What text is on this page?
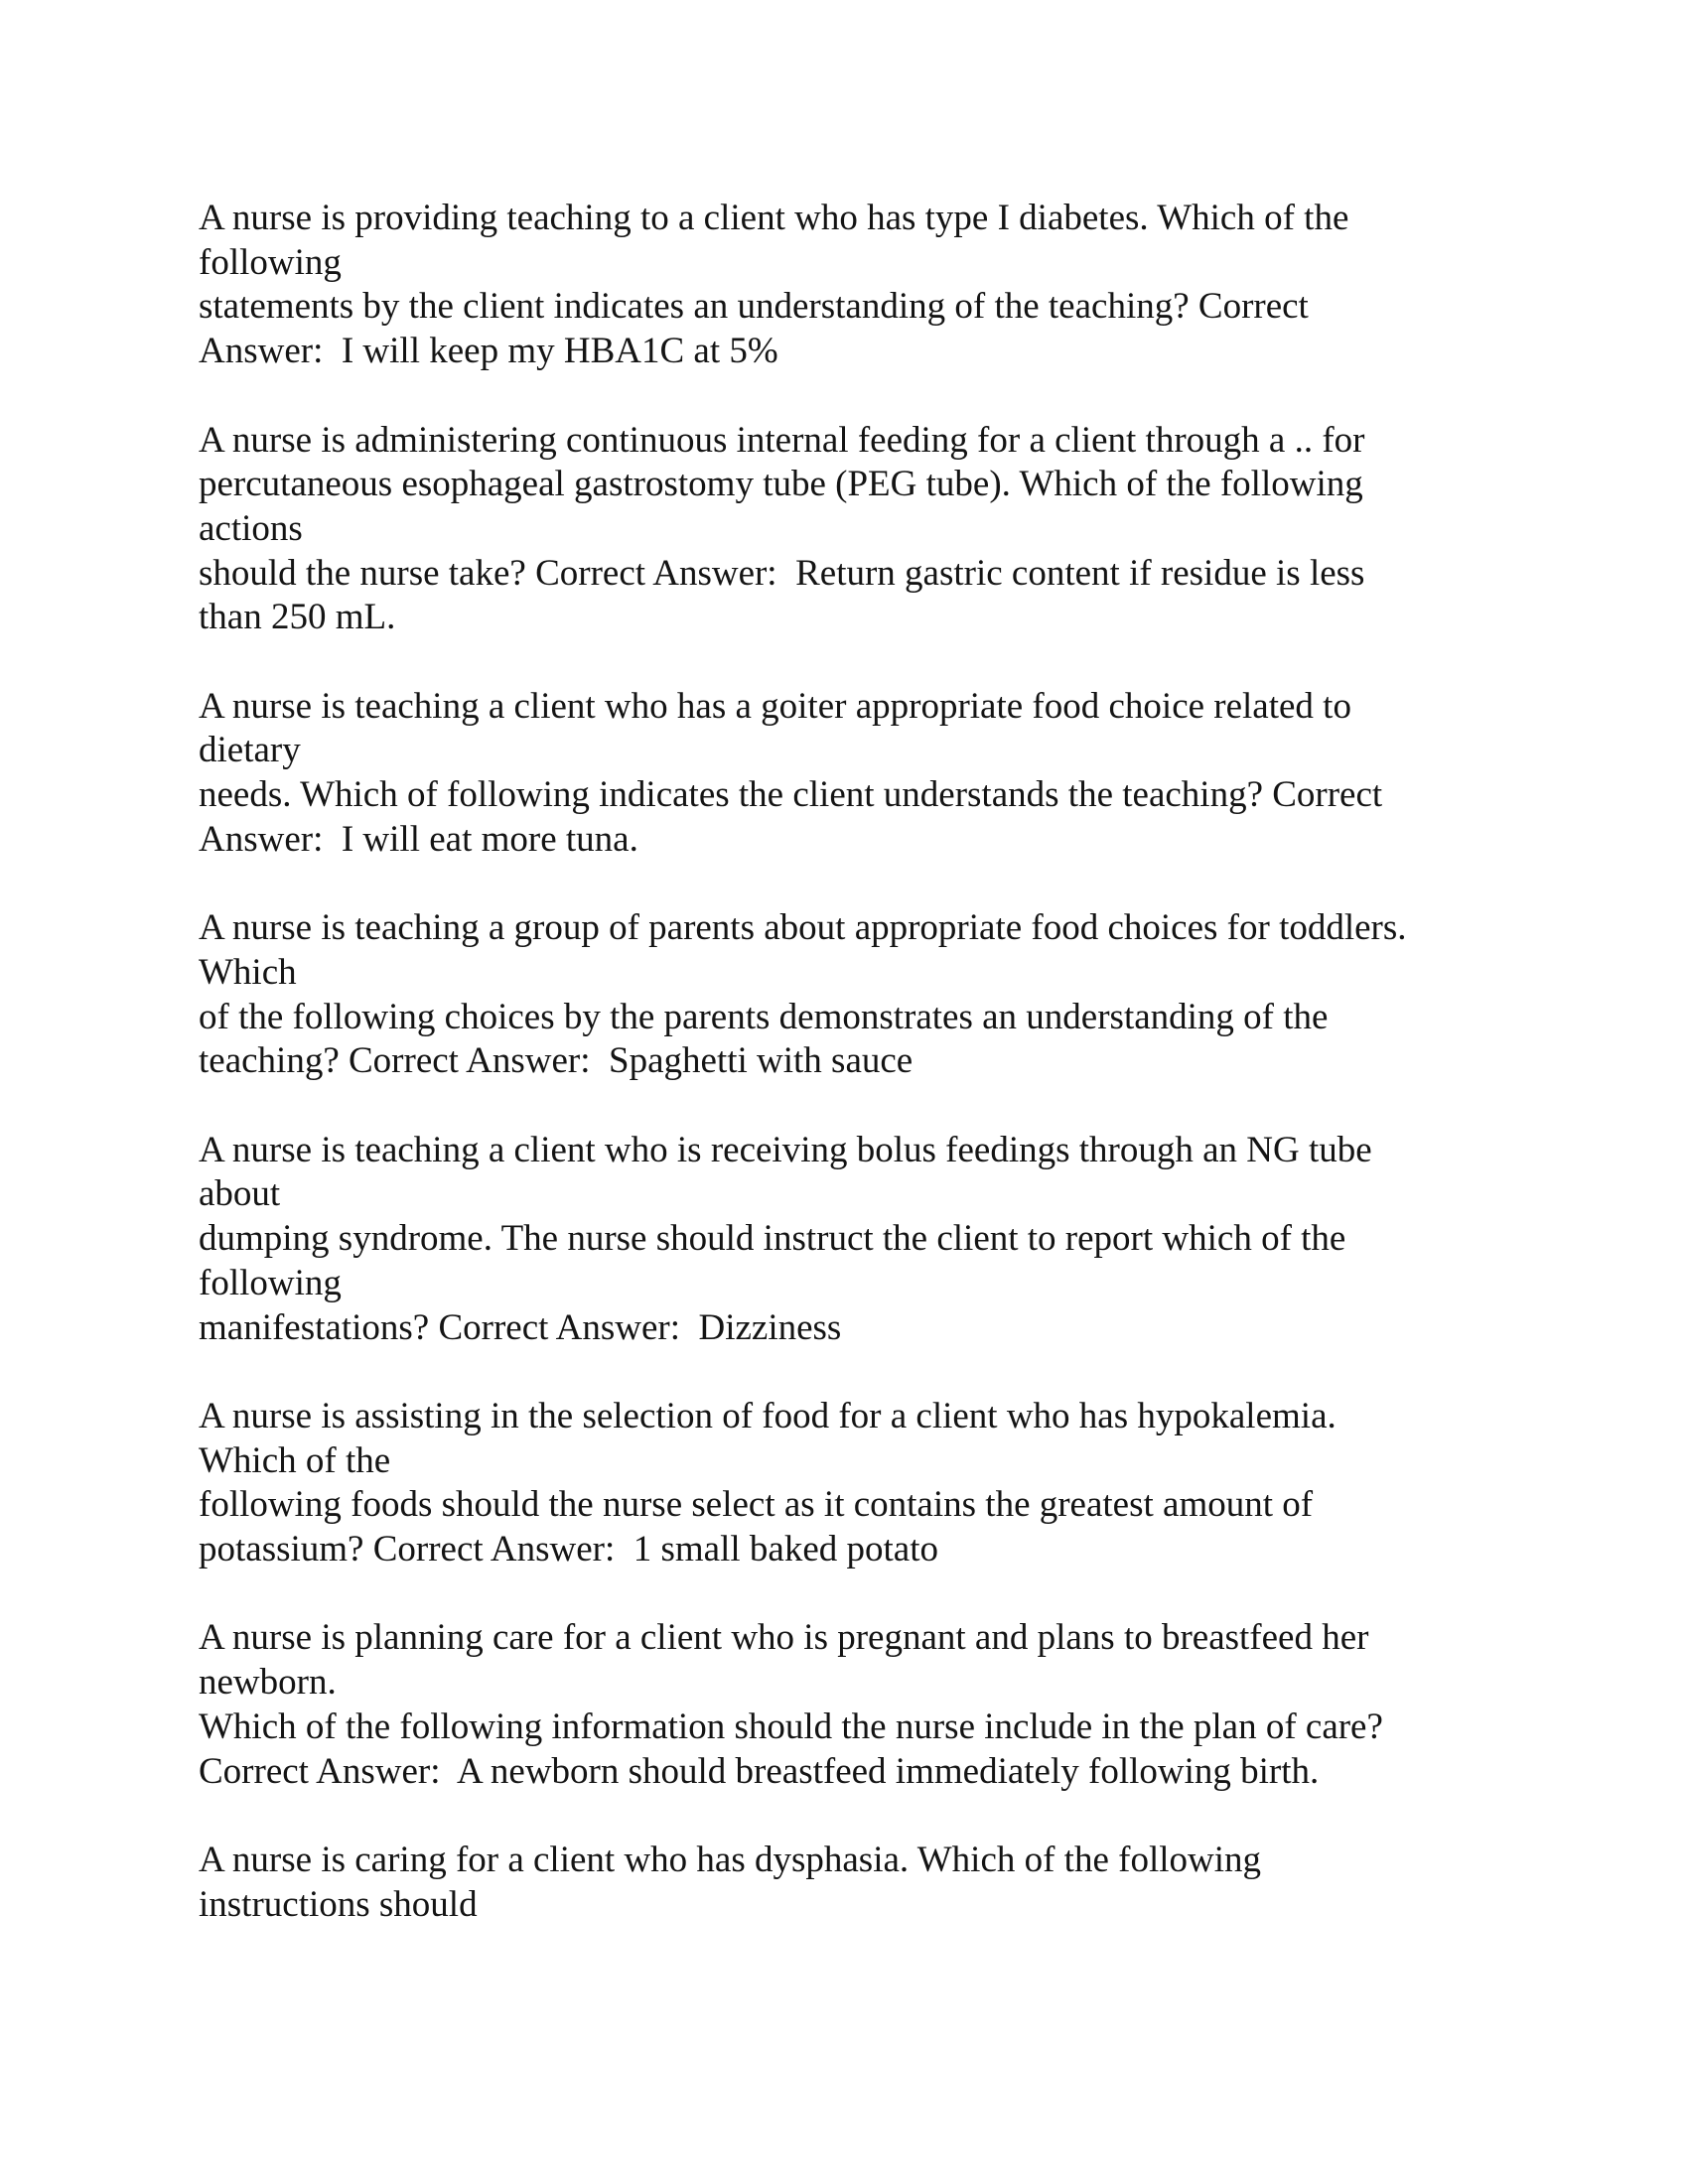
A nurse is providing teaching to a client who has type I diabetes. Which of the
following
statements by the client indicates an understanding of the teaching? Correct
Answer:  I will keep my HBA1C at 5%
A nurse is administering continuous internal feeding for a client through a .. for
percutaneous esophageal gastrostomy tube (PEG tube). Which of the following
actions
should the nurse take? Correct Answer:  Return gastric content if residue is less
than 250 mL.
A nurse is teaching a client who has a goiter appropriate food choice related to
dietary
needs. Which of following indicates the client understands the teaching? Correct
Answer:  I will eat more tuna.
A nurse is teaching a group of parents about appropriate food choices for toddlers.
Which
of the following choices by the parents demonstrates an understanding of the
teaching? Correct Answer:  Spaghetti with sauce
A nurse is teaching a client who is receiving bolus feedings through an NG tube
about
dumping syndrome. The nurse should instruct the client to report which of the
following
manifestations? Correct Answer:  Dizziness
A nurse is assisting in the selection of food for a client who has hypokalemia.
Which of the
following foods should the nurse select as it contains the greatest amount of
potassium? Correct Answer:  1 small baked potato
A nurse is planning care for a client who is pregnant and plans to breastfeed her
newborn.
Which of the following information should the nurse include in the plan of care?
Correct Answer:  A newborn should breastfeed immediately following birth.
A nurse is caring for a client who has dysphasia. Which of the following
instructions should
